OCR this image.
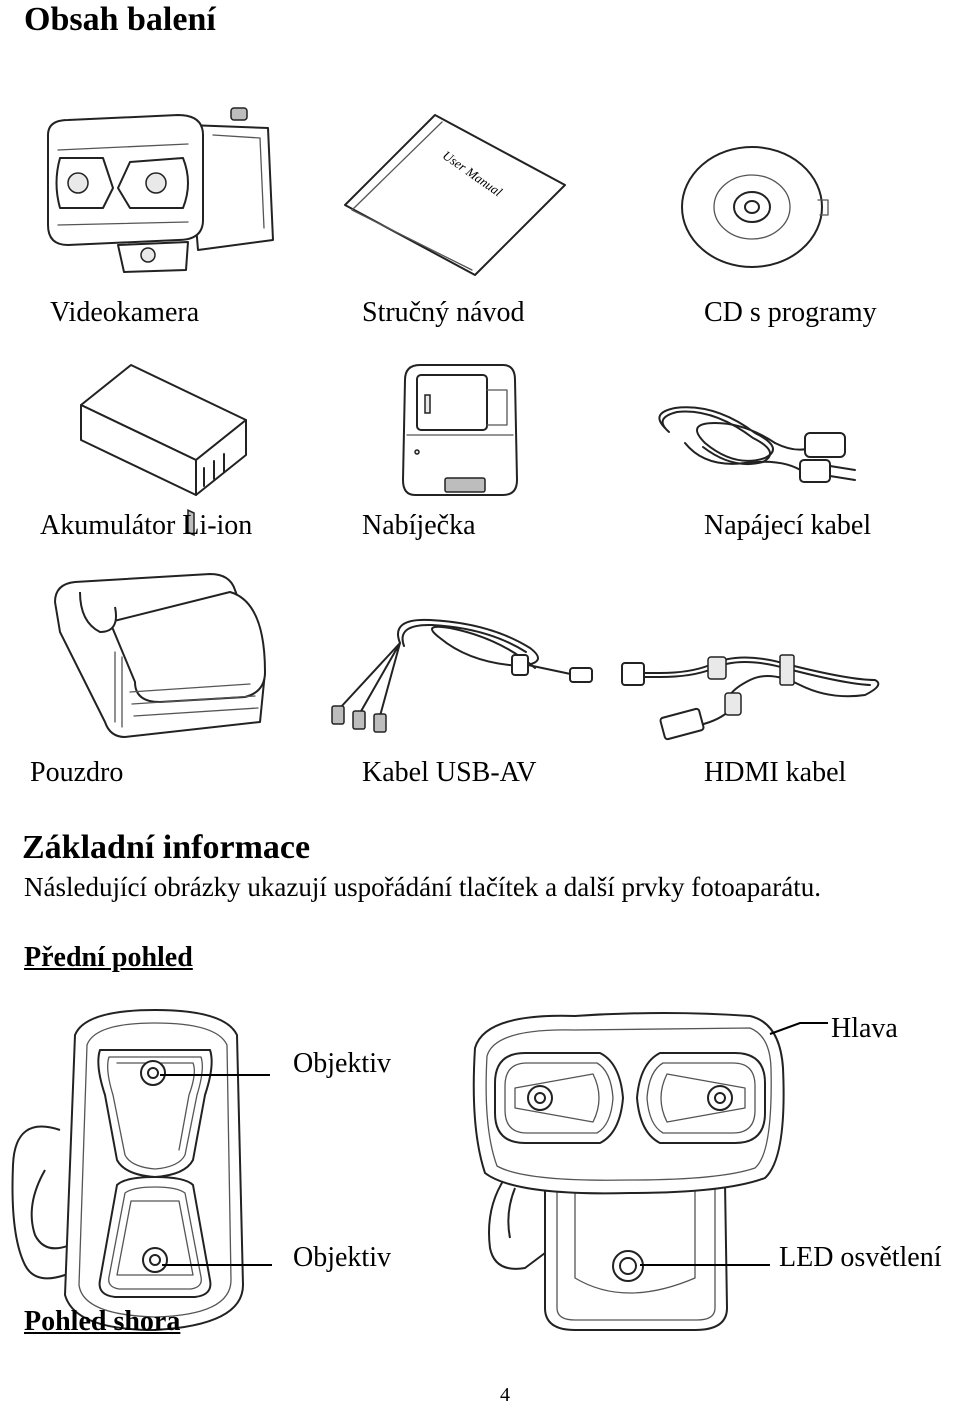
Obsah balení
User Manual
Videokamera	Stručný návod	CD s programy
Akumulátor Li-ion	Nabíječka	Napájecí kabel
Pouzdro	Kabel USB-AV	HDMI kabel
Základní informace
Následující obrázky ukazují uspořádání tlačítek a další prvky fotoaparátu.
Přední pohled
Objektiv
Objektiv
Hlava
LED osvětlení
Pohled shora
4
